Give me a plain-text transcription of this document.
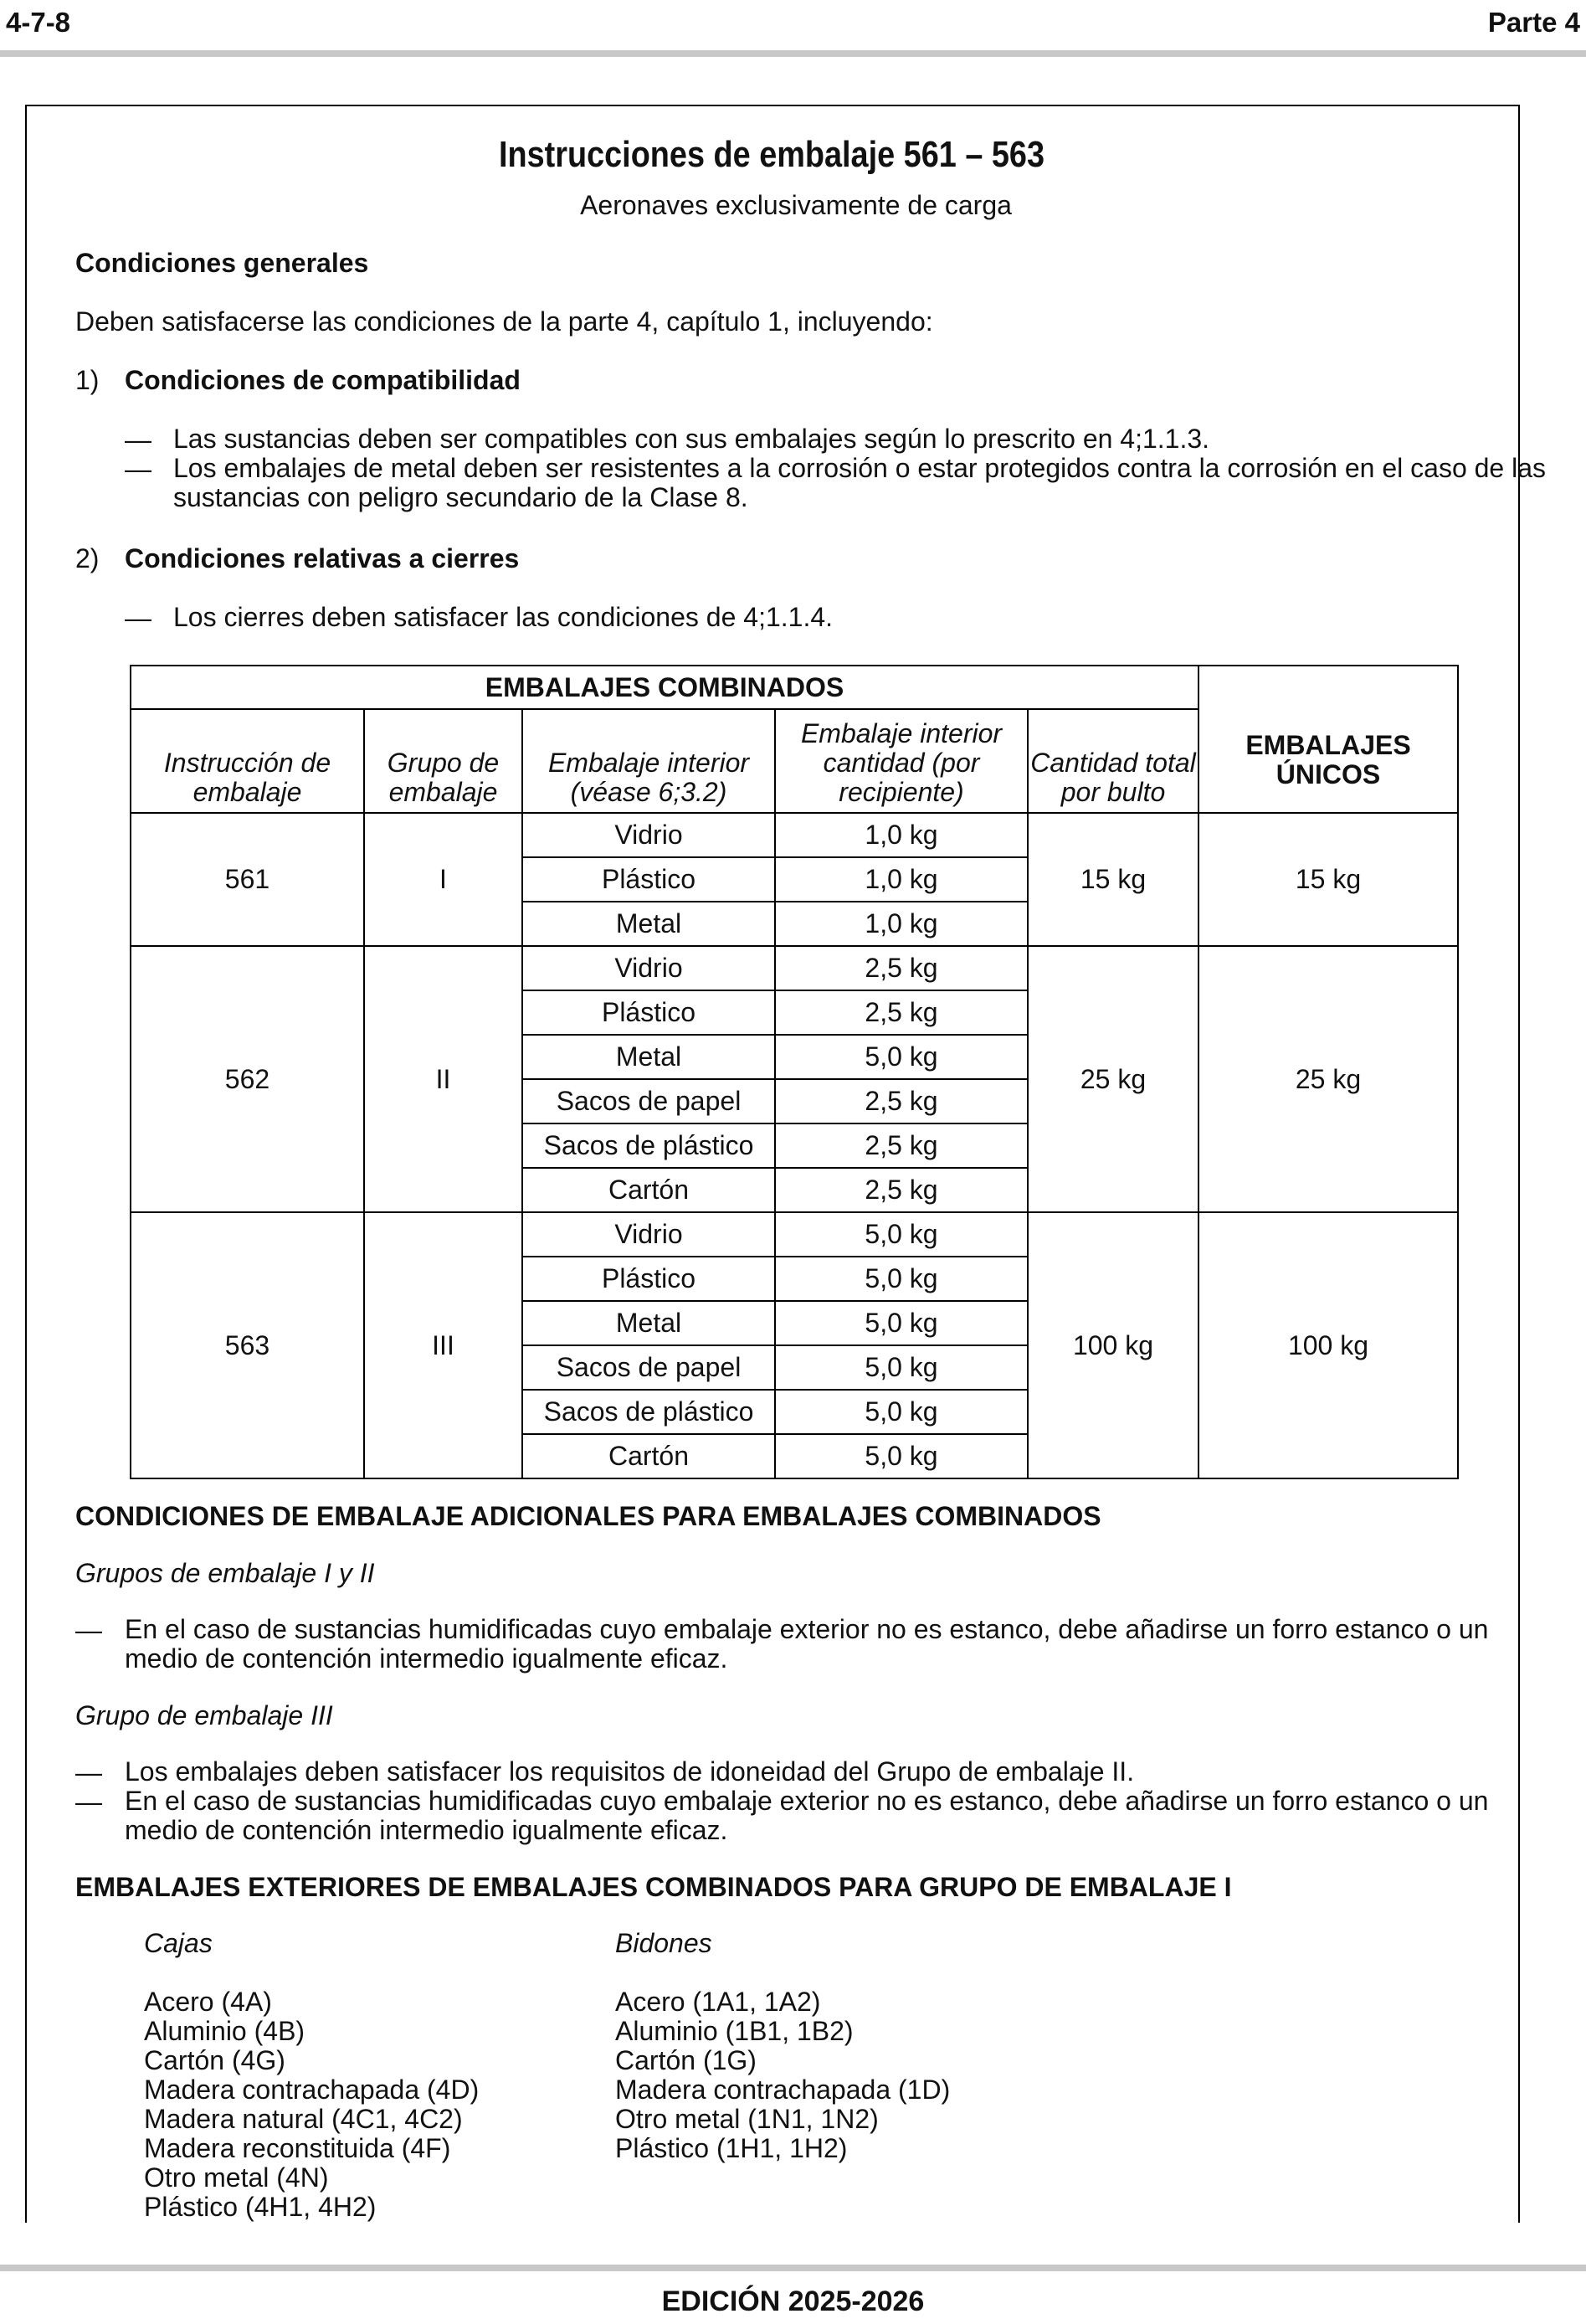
4-7-8	Parte 4
Instrucciones de embalaje 561 – 563
Aeronaves exclusivamente de carga
Condiciones generales
Deben satisfacerse las condiciones de la parte 4, capítulo 1, incluyendo:
1) Condiciones de compatibilidad
— Las sustancias deben ser compatibles con sus embalajes según lo prescrito en 4;1.1.3.
— Los embalajes de metal deben ser resistentes a la corrosión o estar protegidos contra la corrosión en el caso de las sustancias con peligro secundario de la Clase 8.
2) Condiciones relativas a cierres
— Los cierres deben satisfacer las condiciones de 4;1.1.4.
EMBALAJES COMBINADOS					EMBALAJES ÚNICOS
Instrucción de embalaje	Grupo de embalaje	Embalaje interior (véase 6;3.2)	Embalaje interior cantidad (por recipiente)	Cantidad total por bulto	
561	I	Vidrio	1,0 kg	15 kg	15 kg
		Plástico	1,0 kg		
		Metal	1,0 kg		
562	II	Vidrio	2,5 kg	25 kg	25 kg
		Plástico	2,5 kg		
		Metal	5,0 kg		
		Sacos de papel	2,5 kg		
		Sacos de plástico	2,5 kg		
		Cartón	2,5 kg		
563	III	Vidrio	5,0 kg	100 kg	100 kg
		Plástico	5,0 kg		
		Metal	5,0 kg		
		Sacos de papel	5,0 kg		
		Sacos de plástico	5,0 kg		
		Cartón	5,0 kg		
CONDICIONES DE EMBALAJE ADICIONALES PARA EMBALAJES COMBINADOS
Grupos de embalaje I y II
— En el caso de sustancias humidificadas cuyo embalaje exterior no es estanco, debe añadirse un forro estanco o un medio de contención intermedio igualmente eficaz.
Grupo de embalaje III
— Los embalajes deben satisfacer los requisitos de idoneidad del Grupo de embalaje II.
— En el caso de sustancias humidificadas cuyo embalaje exterior no es estanco, debe añadirse un forro estanco o un medio de contención intermedio igualmente eficaz.
EMBALAJES EXTERIORES DE EMBALAJES COMBINADOS PARA GRUPO DE EMBALAJE I
Cajas
Acero (4A)
Aluminio (4B)
Cartón (4G)
Madera contrachapada (4D)
Madera natural (4C1, 4C2)
Madera reconstituida (4F)
Otro metal (4N)
Plástico (4H1, 4H2)
Bidones
Acero (1A1, 1A2)
Aluminio (1B1, 1B2)
Cartón (1G)
Madera contrachapada (1D)
Otro metal (1N1, 1N2)
Plástico (1H1, 1H2)
EDICIÓN 2025-2026
